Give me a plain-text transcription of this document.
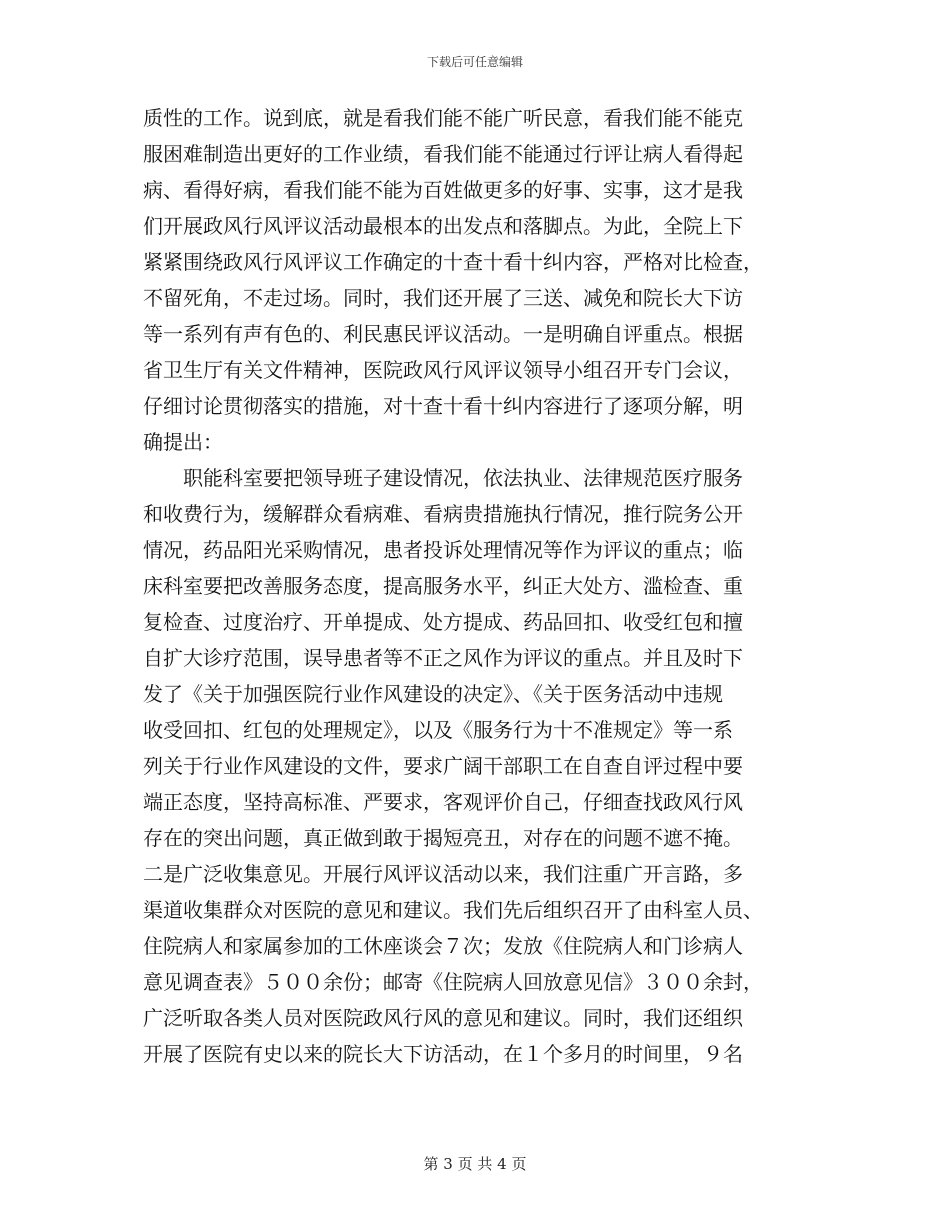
下载后可任意编辑
质性的工作。说到底，就是看我们能不能广听民意，看我们能不能克
服困难制造出更好的工作业绩，看我们能不能通过行评让病人看得起
病、看得好病，看我们能不能为百姓做更多的好事、实事，这才是我
们开展政风行风评议活动最根本的出发点和落脚点。为此，全院上下
紧紧围绕政风行风评议工作确定的十查十看十纠内容，严格对比检查，
不留死角，不走过场。同时，我们还开展了三送、减免和院长大下访
等一系列有声有色的、利民惠民评议活动。一是明确自评重点。根据
省卫生厅有关文件精神，医院政风行风评议领导小组召开专门会议，
仔细讨论贯彻落实的措施，对十查十看十纠内容进行了逐项分解，明
确提出：
职能科室要把领导班子建设情况，依法执业、法律规范医疗服务
和收费行为，缓解群众看病难、看病贵措施执行情况，推行院务公开
情况，药品阳光采购情况，患者投诉处理情况等作为评议的重点；临
床科室要把改善服务态度，提高服务水平，纠正大处方、滥检查、重
复检查、过度治疗、开单提成、处方提成、药品回扣、收受红包和擅
自扩大诊疗范围，误导患者等不正之风作为评议的重点。并且及时下
发了《关于加强医院行业作风建设的决定》、《关于医务活动中违规
收受回扣、红包的处理规定》，以及《服务行为十不准规定》等一系
列关于行业作风建设的文件，要求广阔干部职工在自查自评过程中要
端正态度，坚持高标准、严要求，客观评价自己，仔细查找政风行风
存在的突出问题，真正做到敢于揭短亮丑，对存在的问题不遮不掩。
二是广泛收集意见。开展行风评议活动以来，我们注重广开言路，多
渠道收集群众对医院的意见和建议。我们先后组织召开了由科室人员、
住院病人和家属参加的工休座谈会７次；发放《住院病人和门诊病人
意见调查表》５００余份；邮寄《住院病人回放意见信》３００余封，
广泛听取各类人员对医院政风行风的意见和建议。同时，我们还组织
开展了医院有史以来的院长大下访活动，在１个多月的时间里，９名
第 3 页 共 4 页
